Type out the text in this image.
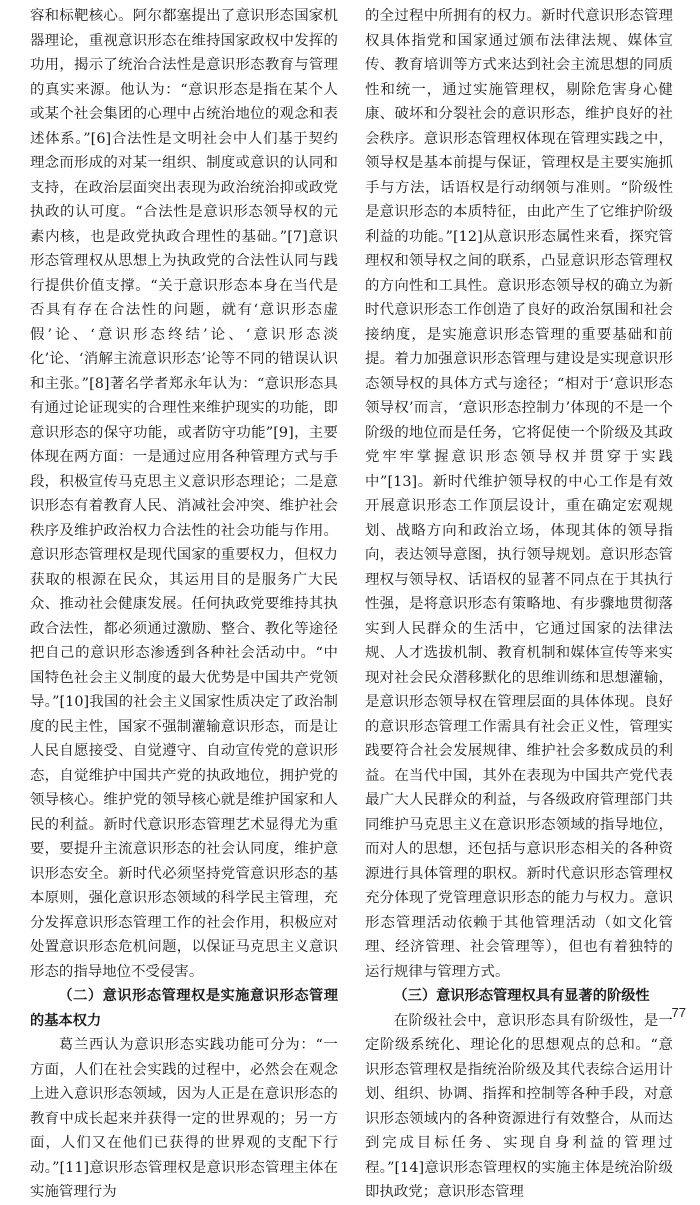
容和标靶核心。阿尔都塞提出了意识形态国家机器理论，重视意识形态在维持国家政权中发挥的功用，揭示了统治合法性是意识形态教育与管理的真实来源。他认为：“意识形态是指在某个人或某个社会集团的心理中占统治地位的观念和表述体系。”[6]合法性是文明社会中人们基于契约理念而形成的对某一组织、制度或意识的认同和支持，在政治层面突出表现为政治统治抑或政党执政的认可度。“合法性是意识形态领导权的元素内核，也是政党执政合理性的基础。”[7]意识形态管理权从思想上为执政党的合法性认同与践行提供价值支撑。“关于意识形态本身在当代是否具有存在合法性的问题，就有‘意识形态虚假’论、‘意识形态终结’论、‘意识形态淡化’论、‘消解主流意识形态’论等不同的错误认识和主张。”[8]著名学者郑永年认为：“意识形态具有通过论证现实的合理性来维护现实的功能，即意识形态的保守功能，或者防守功能”[9]，主要体现在两方面：一是通过应用各种管理方式与手段，积极宣传马克思主义意识形态理论；二是意识形态有着教育人民、消减社会冲突、维护社会秩序及维护政治权力合法性的社会功能与作用。意识形态管理权是现代国家的重要权力，但权力获取的根源在民众，其运用目的是服务广大民众、推动社会健康发展。任何执政党要维持其执政合法性，都必须通过激励、整合、教化等途径把自己的意识形态渗透到各种社会活动中。“中国特色社会主义制度的最大优势是中国共产党领导。”[10]我国的社会主义国家性质决定了政治制度的民主性，国家不强制灌输意识形态，而是让人民自愿接受、自觉遵守、自动宣传党的意识形态，自觉维护中国共产党的执政地位，拥护党的领导核心。维护党的领导核心就是维护国家和人民的利益。新时代意识形态管理艺术显得尤为重要，要提升主流意识形态的社会认同度，维护意识形态安全。新时代必须坚持党管意识形态的基本原则，强化意识形态领域的科学民主管理，充分发挥意识形态管理工作的社会作用，积极应对处置意识形态危机问题，以保证马克思主义意识形态的指导地位不受侵害。

（二）意识形态管理权是实施意识形态管理的基本权力

葛兰西认为意识形态实践功能可分为：“一方面，人们在社会实践的过程中，必然会在观念上进入意识形态领域，因为人正是在意识形态的教育中成长起来并获得一定的世界观的；另一方面，人们又在他们已获得的世界观的支配下行动。”[11]意识形态管理权是意识形态管理主体在实施管理行为

的全过程中所拥有的权力。新时代意识形态管理权具体指党和国家通过颁布法律法规、媒体宣传、教育培训等方式来达到社会主流思想的同质性和统一，通过实施管理权，剔除危害身心健康、破坏和分裂社会的意识形态，维护良好的社会秩序。意识形态管理权体现在管理实践之中，领导权是基本前提与保证，管理权是主要实施抓手与方法，话语权是行动纲领与准则。“阶级性是意识形态的本质特征，由此产生了它维护阶级利益的功能。”[12]从意识形态属性来看，探究管理权和领导权之间的联系，凸显意识形态管理权的方向性和工具性。意识形态领导权的确立为新时代意识形态工作创造了良好的政治氛围和社会接纳度，是实施意识形态管理的重要基础和前提。着力加强意识形态管理与建设是实现意识形态领导权的具体方式与途径；“相对于‘意识形态领导权’而言，‘意识形态控制力’体现的不是一个阶级的地位而是任务，它将促使一个阶级及其政党牢牢掌握意识形态领导权并贯穿于实践中”[13]。新时代维护领导权的中心工作是有效开展意识形态工作顶层设计，重在确定宏观规划、战略方向和政治立场，体现其体的领导指向，表达领导意图，执行领导规划。意识形态管理权与领导权、话语权的显著不同点在于其执行性强，是将意识形态有策略地、有步骤地贯彻落实到人民群众的生活中，它通过国家的法律法规、人才选拔机制、教育机制和媒体宣传等来实现对社会民众潜移默化的思维训练和思想灌输，是意识形态领导权在管理层面的具体体现。良好的意识形态管理工作需具有社会正义性，管理实践要符合社会发展规律、维护社会多数成员的利益。在当代中国，其外在表现为中国共产党代表最广大人民群众的利益，与各级政府管理部门共同维护马克思主义在意识形态领域的指导地位，而对人的思想，还包括与意识形态相关的各种资源进行具体管理的职权。新时代意识形态管理权充分体现了党管理意识形态的能力与权力。意识形态管理活动依赖于其他管理活动（如文化管理、经济管理、社会管理等），但也有着独特的运行规律与管理方式。

（三）意识形态管理权具有显著的阶级性

在阶级社会中，意识形态具有阶级性，是一定阶级系统化、理论化的思想观点的总和。“意识形态管理权是指统治阶级及其代表综合运用计划、组织、协调、指挥和控制等各种手段，对意识形态领域内的各种资源进行有效整合，从而达到完成目标任务、实现自身利益的管理过程。”[14]意识形态管理权的实施主体是统治阶级即执政党；意识形态管理

77
